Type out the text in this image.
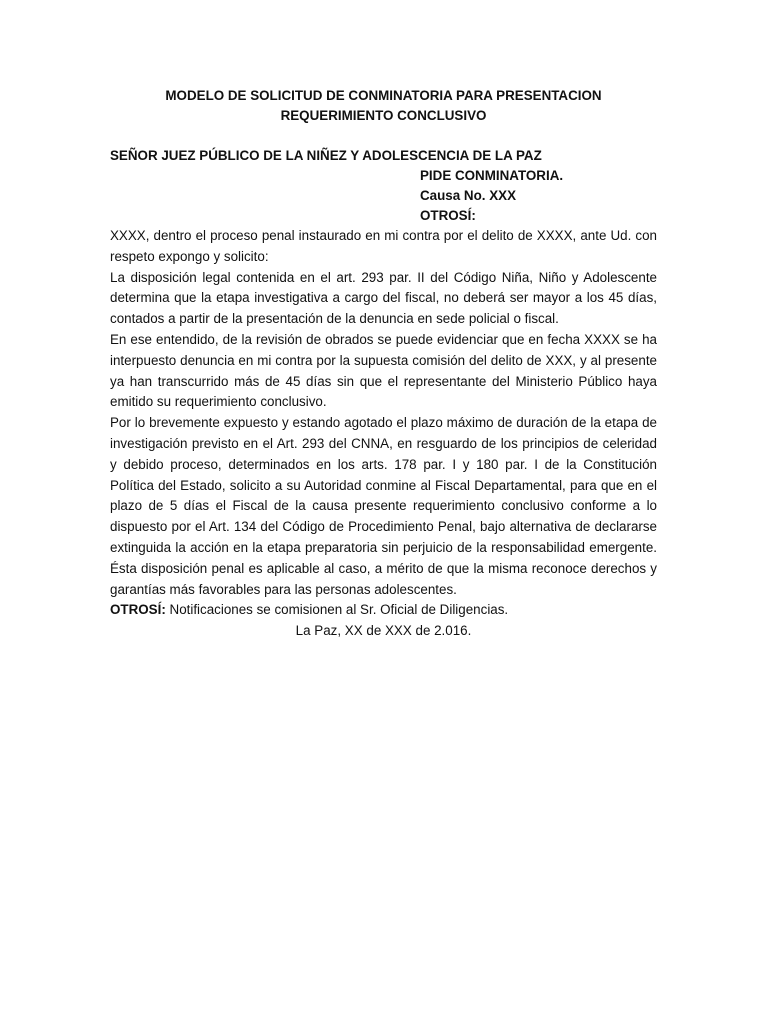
MODELO DE SOLICITUD DE CONMINATORIA PARA PRESENTACION
REQUERIMIENTO CONCLUSIVO
SEÑOR JUEZ PÚBLICO DE LA NIÑEZ Y ADOLESCENCIA DE LA PAZ
PIDE CONMINATORIA.
Causa No. XXX
OTROSÍ:

XXXX, dentro el proceso penal instaurado en mi contra por el delito de XXXX, ante Ud. con respeto expongo y solicito:

La disposición legal contenida en el art. 293 par. II del Código Niña, Niño y Adolescente determina que la etapa investigativa a cargo del fiscal, no deberá ser mayor a los 45 días, contados a partir de la presentación de la denuncia en sede policial o fiscal.

En ese entendido, de la revisión de obrados se puede evidenciar que en fecha XXXX se ha interpuesto denuncia en mi contra por la supuesta comisión del delito de XXX, y al presente ya han transcurrido más de 45 días sin que el representante del Ministerio Público haya emitido su requerimiento conclusivo.

Por lo brevemente expuesto y estando agotado el plazo máximo de duración de la etapa de investigación previsto en el Art. 293 del CNNA, en resguardo de los principios de celeridad y debido proceso, determinados en los arts. 178 par. I y 180 par. I de la Constitución Política del Estado, solicito a su Autoridad conmine al Fiscal Departamental, para que en el plazo de 5 días el Fiscal de la causa presente requerimiento conclusivo conforme a lo dispuesto por el Art. 134 del Código de Procedimiento Penal, bajo alternativa de declararse extinguida la acción en la etapa preparatoria sin perjuicio de la responsabilidad emergente. Ésta disposición penal es aplicable al caso, a mérito de que la misma reconoce derechos y garantías más favorables para las personas adolescentes.

OTROSÍ: Notificaciones se comisionen al Sr. Oficial de Diligencias.

La Paz, XX de XXX de 2.016.
